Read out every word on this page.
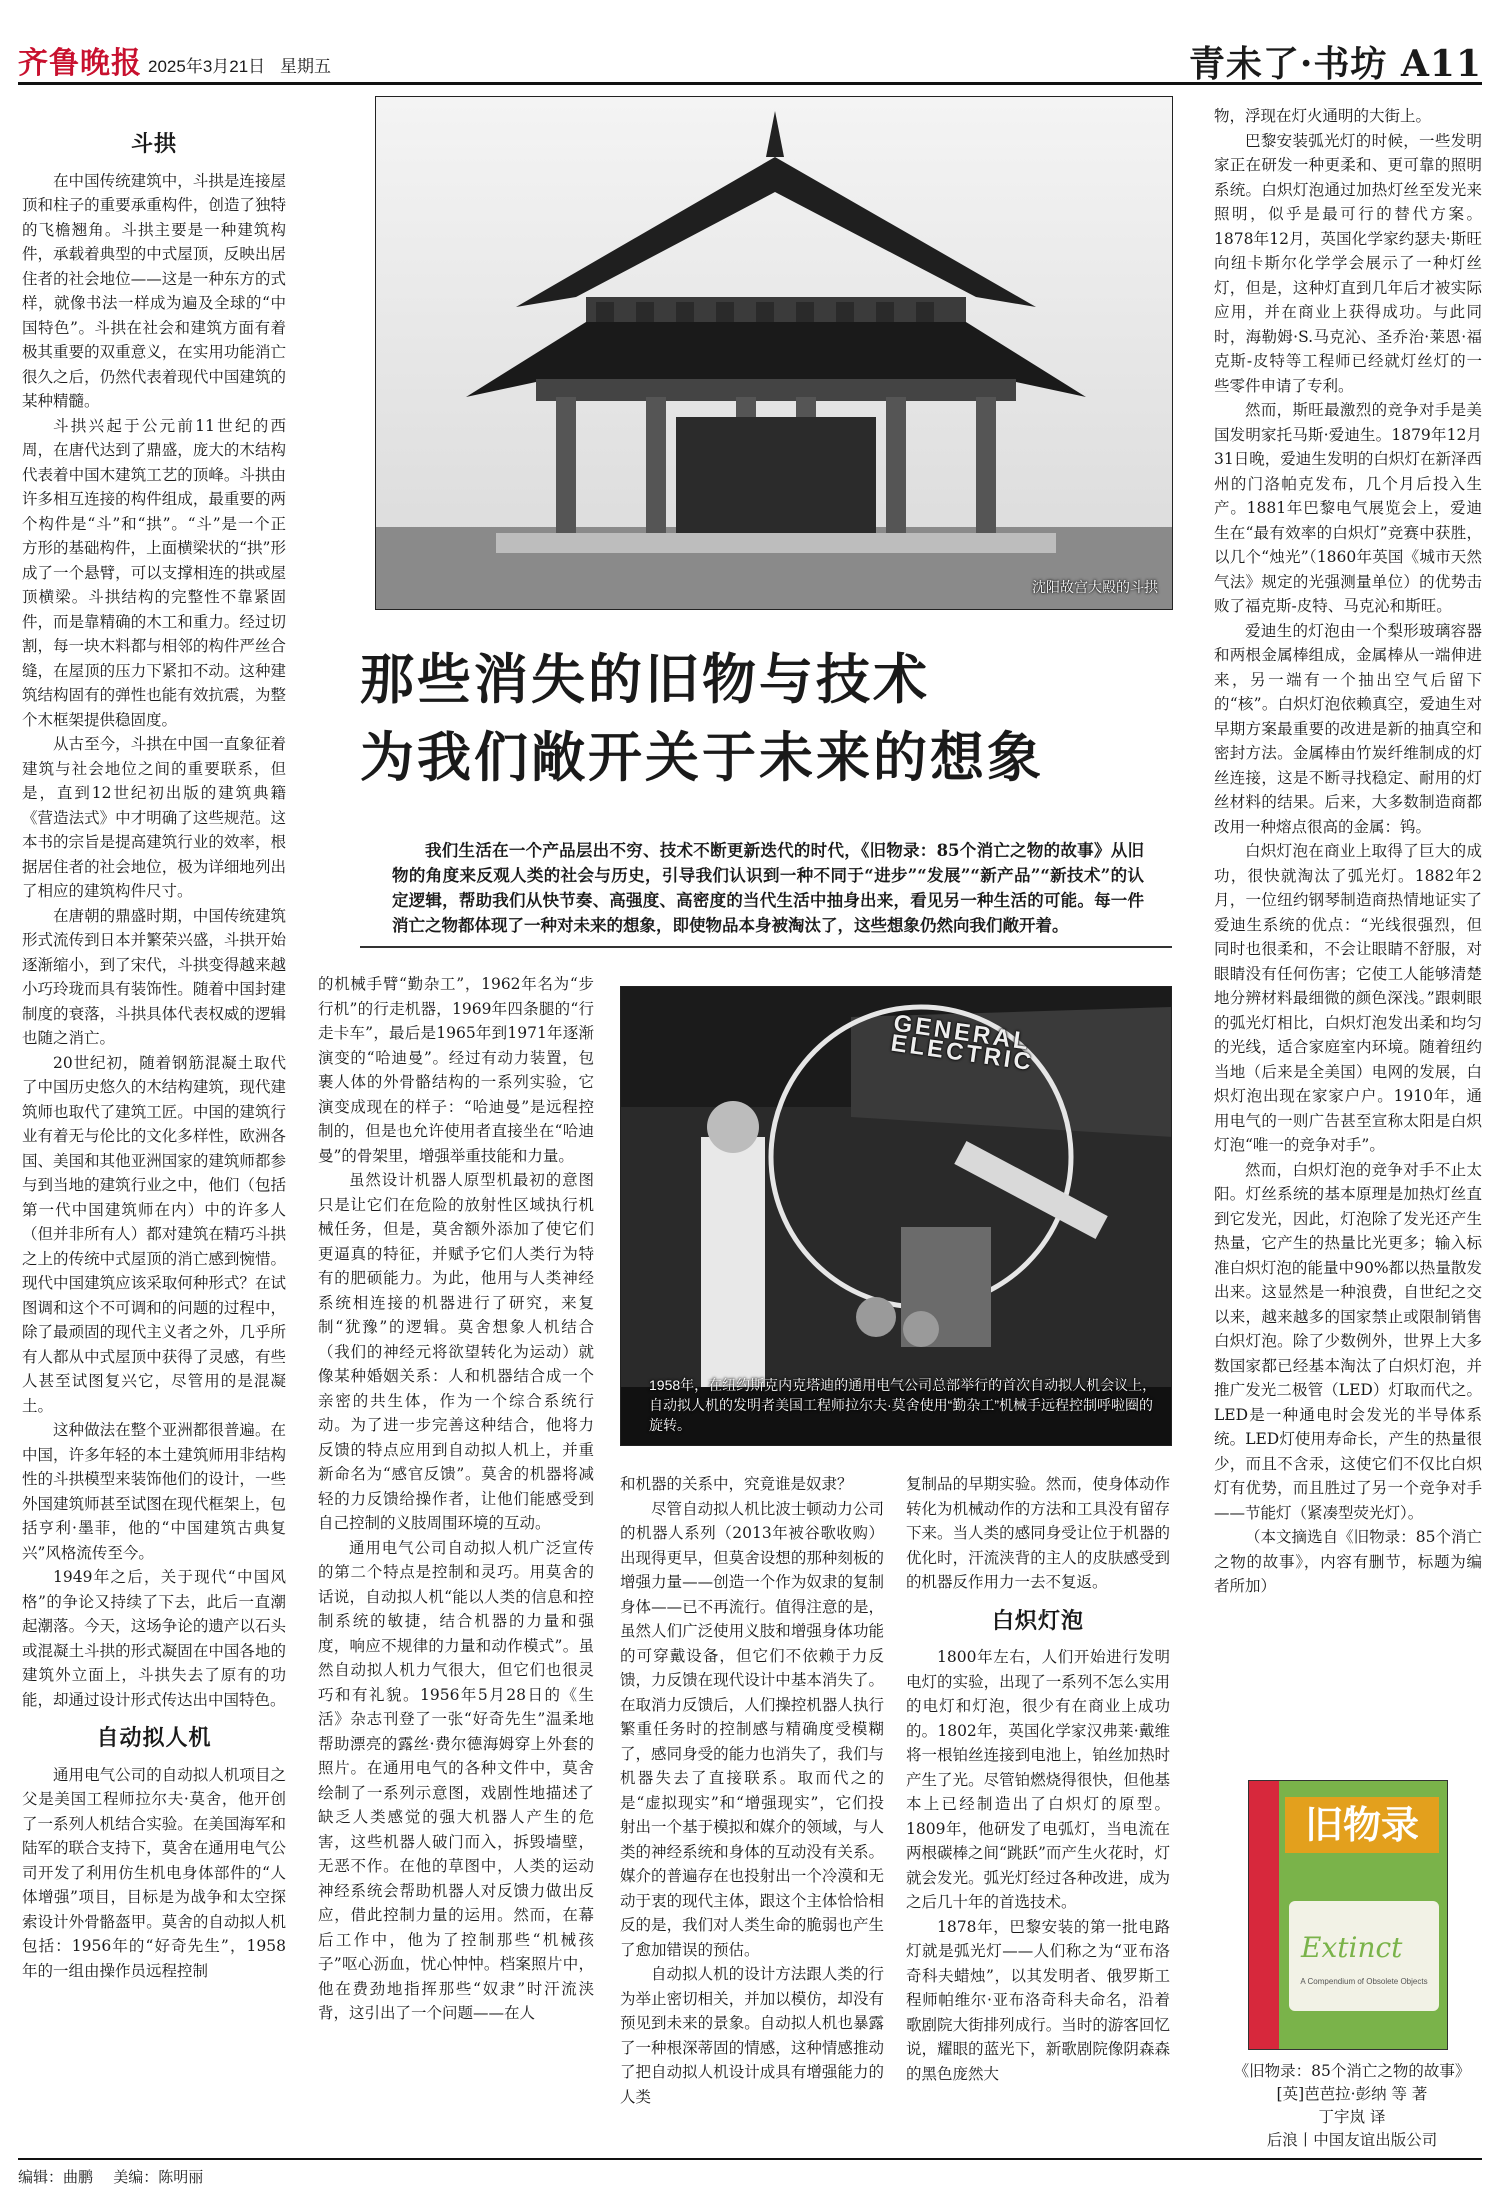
齐鲁晚报 2025年3月21日 星期五	青未了·书坊 A11
斗拱

在中国传统建筑中，斗拱是连接屋顶和柱子的重要承重构件，创造了独特的飞檐翘角。斗拱主要是一种建筑构件，承载着典型的中式屋顶，反映出居住者的社会地位——这是一种东方的式样，就像书法一样成为遍及全球的“中国特色”。斗拱在社会和建筑方面有着极其重要的双重意义，在实用功能消亡很久之后，仍然代表着现代中国建筑的某种精髓。

斗拱兴起于公元前11世纪的西周，在唐代达到了鼎盛，庞大的木结构代表着中国木建筑工艺的顶峰。斗拱由许多相互连接的构件组成，最重要的两个构件是“斗”和“拱”。“斗”是一个正方形的基础构件，上面横梁状的“拱”形成了一个悬臂，可以支撑相连的拱或屋顶横梁。斗拱结构的完整性不靠紧固件，而是靠精确的木工和重力。经过切割，每一块木料都与相邻的构件严丝合缝，在屋顶的压力下紧扣不动。这种建筑结构固有的弹性也能有效抗震，为整个木框架提供稳固度。

从古至今，斗拱在中国一直象征着建筑与社会地位之间的重要联系，但是，直到12世纪初出版的建筑典籍《营造法式》中才明确了这些规范。这本书的宗旨是提高建筑行业的效率，根据居住者的社会地位，极为详细地列出了相应的建筑构件尺寸。

在唐朝的鼎盛时期，中国传统建筑形式流传到日本并繁荣兴盛，斗拱开始逐渐缩小，到了宋代，斗拱变得越来越小巧玲珑而具有装饰性。随着中国封建制度的衰落，斗拱具体代表权威的逻辑也随之消亡。

20世纪初，随着钢筋混凝土取代了中国历史悠久的木结构建筑，现代建筑师也取代了建筑工匠。中国的建筑行业有着无与伦比的文化多样性，欧洲各国、美国和其他亚洲国家的建筑师都参与到当地的建筑行业之中，他们（包括第一代中国建筑师在内）中的许多人（但并非所有人）都对建筑在精巧斗拱之上的传统中式屋顶的消亡感到惋惜。现代中国建筑应该采取何种形式？在试图调和这个不可调和的问题的过程中，除了最顽固的现代主义者之外，几乎所有人都从中式屋顶中获得了灵感，有些人甚至试图复兴它，尽管用的是混凝土。

这种做法在整个亚洲都很普遍。在中国，许多年轻的本土建筑师用非结构性的斗拱模型来装饰他们的设计，一些外国建筑师甚至试图在现代框架上，包括亨利·墨菲，他的“中国建筑古典复兴”风格流传至今。

1949年之后，关于现代“中国风格”的争论又持续了下去，此后一直潮起潮落。今天，这场争论的遗产以石头或混凝土斗拱的形式凝固在中国各地的建筑外立面上，斗拱失去了原有的功能，却通过设计形式传达出中国特色。

自动拟人机

通用电气公司的自动拟人机项目之父是美国工程师拉尔夫·莫舍，他开创了一系列人机结合实验。在美国海军和陆军的联合支持下，莫舍在通用电气公司开发了利用仿生机电身体部件的“人体增强”项目，目标是为战争和太空探索设计外骨骼盔甲。莫舍的自动拟人机包括：1956年的“好奇先生”，1958年的一组由操作员远程控制

沈阳故宫大殿的斗拱
那些消失的旧物与技术
为我们敞开关于未来的想象
我们生活在一个产品层出不穷、技术不断更新迭代的时代，《旧物录：85个消亡之物的故事》从旧物的角度来反观人类的社会与历史，引导我们认识到一种不同于“进步”“发展”“新产品”“新技术”的认定逻辑，帮助我们从快节奏、高强度、高密度的当代生活中抽身出来，看见另一种生活的可能。每一件消亡之物都体现了一种对未来的想象，即使物品本身被淘汰了，这些想象仍然向我们敞开着。

的机械手臂“勤杂工”，1962年名为“步行机”的行走机器，1969年四条腿的“行走卡车”，最后是1965年到1971年逐渐演变的“哈迪曼”。经过有动力装置，包裹人体的外骨骼结构的一系列实验，它演变成现在的样子：“哈迪曼”是远程控制的，但是也允许使用者直接坐在“哈迪曼”的骨架里，增强举重技能和力量。

虽然设计机器人原型机最初的意图只是让它们在危险的放射性区域执行机械任务，但是，莫舍额外添加了使它们更逼真的特征，并赋予它们人类行为特有的肥硕能力。为此，他用与人类神经系统相连接的机器进行了研究，来复制“犹豫”的逻辑。莫舍想象人机结合（我们的神经元将欲望转化为运动）就像某种婚姻关系：人和机器结合成一个亲密的共生体，作为一个综合系统行动。为了进一步完善这种结合，他将力反馈的特点应用到自动拟人机上，并重新命名为“感官反馈”。莫舍的机器将减轻的力反馈给操作者，让他们能感受到自己控制的义肢周围环境的互动。

通用电气公司自动拟人机广泛宣传的第二个特点是控制和灵巧。用莫舍的话说，自动拟人机“能以人类的信息和控制系统的敏捷，结合机器的力量和强度，响应不规律的力量和动作模式”。虽然自动拟人机力气很大，但它们也很灵巧和有礼貌。1956年5月28日的《生活》杂志刊登了一张“好奇先生”温柔地帮助漂亮的露丝·费尔德海姆穿上外套的照片。在通用电气的各种文件中，莫舍绘制了一系列示意图，戏剧性地描述了缺乏人类感觉的强大机器人产生的危害，这些机器人破门而入，拆毁墙壁，无恶不作。在他的草图中，人类的运动神经系统会帮助机器人对反馈力做出反应，借此控制力量的运用。然而，在幕后工作中，他为了控制那些“机械孩子”呕心沥血，忧心忡忡。档案照片中，他在费劲地指挥那些“奴隶”时汗流浃背，这引出了一个问题——在人

GENERAL ELECTRIC
1958年，在纽约斯克内克塔迪的通用电气公司总部举行的首次自动拟人机会议上，自动拟人机的发明者美国工程师拉尔夫·莫舍使用“勤杂工”机械手远程控制呼啦圈的旋转。

和机器的关系中，究竟谁是奴隶？

尽管自动拟人机比波士顿动力公司的机器人系列（2013年被谷歌收购）出现得更早，但莫舍设想的那种刻板的增强力量——创造一个作为奴隶的复制身体——已不再流行。值得注意的是，虽然人们广泛使用义肢和增强身体功能的可穿戴设备，但它们不依赖于力反馈，力反馈在现代设计中基本消失了。在取消力反馈后，人们操控机器人执行繁重任务时的控制感与精确度受模糊了，感同身受的能力也消失了，我们与机器失去了直接联系。取而代之的是“虚拟现实”和“增强现实”，它们投射出一个基于模拟和媒介的领域，与人类的神经系统和身体的互动没有关系。媒介的普遍存在也投射出一个冷漠和无动于衷的现代主体，跟这个主体恰恰相反的是，我们对人类生命的脆弱也产生了愈加错误的预估。

自动拟人机的设计方法跟人类的行为举止密切相关，并加以模仿，却没有预见到未来的景象。自动拟人机也暴露了一种根深蒂固的情感，这种情感推动了把自动拟人机设计成具有增强能力的人类

复制品的早期实验。然而，使身体动作转化为机械动作的方法和工具没有留存下来。当人类的感同身受让位于机器的优化时，汗流浃背的主人的皮肤感受到的机器反作用力一去不复返。

白炽灯泡

1800年左右，人们开始进行发明电灯的实验，出现了一系列不怎么实用的电灯和灯泡，很少有在商业上成功的。1802年，英国化学家汉弗莱·戴维将一根铂丝连接到电池上，铂丝加热时产生了光。尽管铂燃烧得很快，但他基本上已经制造出了白炽灯的原型。1809年，他研发了电弧灯，当电流在两根碳棒之间“跳跃”而产生火花时，灯就会发光。弧光灯经过各种改进，成为之后几十年的首选技术。

1878年，巴黎安装的第一批电路灯就是弧光灯——人们称之为“亚布洛奇科夫蜡烛”，以其发明者、俄罗斯工程师帕维尔·亚布洛奇科夫命名，沿着歌剧院大街排列成行。当时的游客回忆说，耀眼的蓝光下，新歌剧院像阴森森的黑色庞然大

物，浮现在灯火通明的大街上。

巴黎安装弧光灯的时候，一些发明家正在研发一种更柔和、更可靠的照明系统。白炽灯泡通过加热灯丝至发光来照明，似乎是最可行的替代方案。1878年12月，英国化学家约瑟夫·斯旺向纽卡斯尔化学学会展示了一种灯丝灯，但是，这种灯直到几年后才被实际应用，并在商业上获得成功。与此同时，海勒姆·S.马克沁、圣乔治·莱恩·福克斯-皮特等工程师已经就灯丝灯的一些零件申请了专利。

然而，斯旺最激烈的竞争对手是美国发明家托马斯·爱迪生。1879年12月31日晚，爱迪生发明的白炽灯在新泽西州的门洛帕克发布，几个月后投入生产。1881年巴黎电气展览会上，爱迪生在“最有效率的白炽灯”竞赛中获胜，以几个“烛光”（1860年英国《城市天然气法》规定的光强测量单位）的优势击败了福克斯-皮特、马克沁和斯旺。

爱迪生的灯泡由一个梨形玻璃容器和两根金属棒组成，金属棒从一端伸进来，另一端有一个抽出空气后留下的“核”。白炽灯泡依赖真空，爱迪生对早期方案最重要的改进是新的抽真空和密封方法。金属棒由竹炭纤维制成的灯丝连接，这是不断寻找稳定、耐用的灯丝材料的结果。后来，大多数制造商都改用一种熔点很高的金属：钨。

白炽灯泡在商业上取得了巨大的成功，很快就淘汰了弧光灯。1882年2月，一位纽约钢琴制造商热情地证实了爱迪生系统的优点：“光线很强烈，但同时也很柔和，不会让眼睛不舒服，对眼睛没有任何伤害；它使工人能够清楚地分辨材料最细微的颜色深浅。”跟刺眼的弧光灯相比，白炽灯泡发出柔和均匀的光线，适合家庭室内环境。随着纽约当地（后来是全美国）电网的发展，白炽灯泡出现在家家户户。1910年，通用电气的一则广告甚至宣称太阳是白炽灯泡“唯一的竞争对手”。

然而，白炽灯泡的竞争对手不止太阳。灯丝系统的基本原理是加热灯丝直到它发光，因此，灯泡除了发光还产生热量，它产生的热量比光更多；输入标准白炽灯泡的能量中90%都以热量散发出来。这显然是一种浪费，自世纪之交以来，越来越多的国家禁止或限制销售白炽灯泡。除了少数例外，世界上大多数国家都已经基本淘汰了白炽灯泡，并推广发光二极管（LED）灯取而代之。LED是一种通电时会发光的半导体系统。LED灯使用寿命长，产生的热量很少，而且不含汞，这使它们不仅比白炽灯有优势，而且胜过了另一个竞争对手——节能灯（紧凑型荧光灯）。

（本文摘选自《旧物录：85个消亡之物的故事》，内容有删节，标题为编者所加）

旧物录
Extinct
A Compendium of Obsolete Objects
《旧物录：85个消亡之物的故事》
[英]芭芭拉·彭纳 等 著
丁宇岚 译
后浪丨中国友谊出版公司
编辑：曲鹏 美编：陈明丽
